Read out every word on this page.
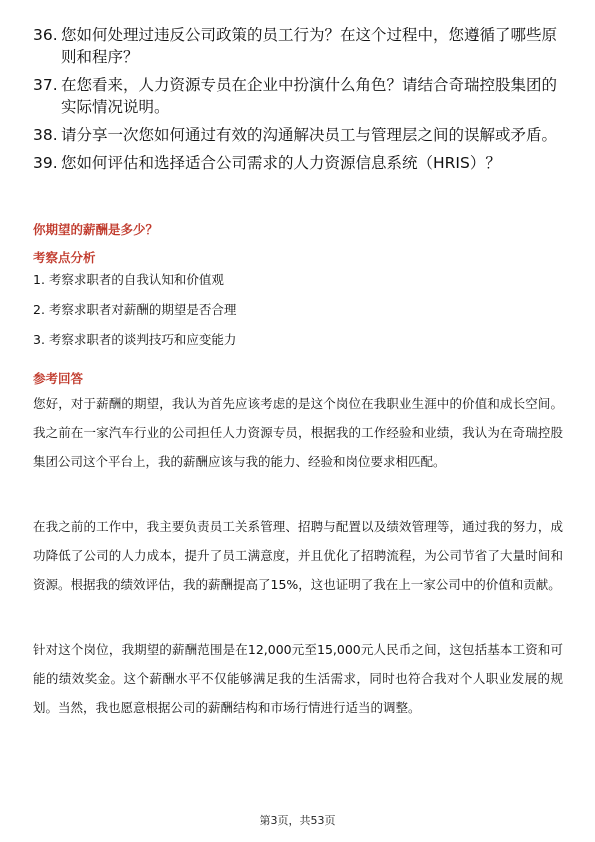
36. 您如何处理过违反公司政策的员工行为？在这个过程中，您遵循了哪些原则和程序？
37. 在您看来，人力资源专员在企业中扮演什么角色？请结合奇瑞控股集团的实际情况说明。
38. 请分享一次您如何通过有效的沟通解决员工与管理层之间的误解或矛盾。
39. 您如何评估和选择适合公司需求的人力资源信息系统（HRIS）？
你期望的薪酬是多少？
考察点分析
1. 考察求职者的自我认知和价值观
2. 考察求职者对薪酬的期望是否合理
3. 考察求职者的谈判技巧和应变能力
参考回答

您好，对于薪酬的期望，我认为首先应该考虑的是这个岗位在我职业生涯中的价值和成长空间。我之前在一家汽车行业的公司担任人力资源专员，根据我的工作经验和业绩，我认为在奇瑞控股集团公司这个平台上，我的薪酬应该与我的能力、经验和岗位要求相匹配。

在我之前的工作中，我主要负责员工关系管理、招聘与配置以及绩效管理等，通过我的努力，成功降低了公司的人力成本，提升了员工满意度，并且优化了招聘流程，为公司节省了大量时间和资源。根据我的绩效评估，我的薪酬提高了15%，这也证明了我在上一家公司中的价值和贡献。

针对这个岗位，我期望的薪酬范围是在12,000元至15,000元人民币之间，这包括基本工资和可能的绩效奖金。这个薪酬水平不仅能够满足我的生活需求，同时也符合我对个人职业发展的规划。当然，我也愿意根据公司的薪酬结构和市场行情进行适当的调整。

第3页，共53页
